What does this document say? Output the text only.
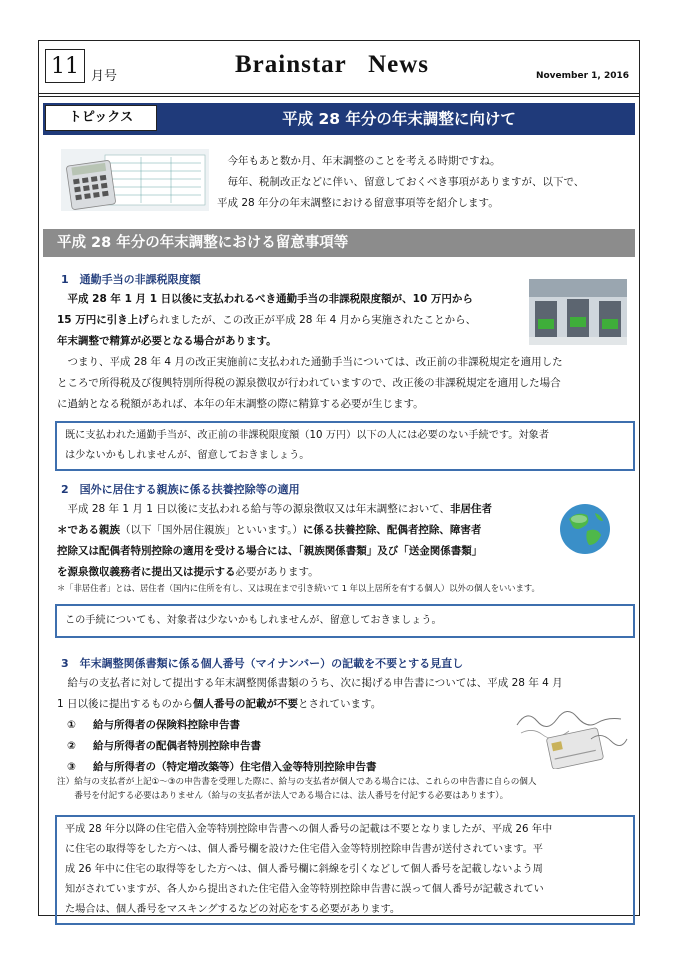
11 月号	Brainstar   News	November 1, 2016
トピックス	平成 28 年分の年末調整に向けて

今年もあと数か月、年末調整のことを考える時期ですね。

毎年、税制改正などに伴い、留意しておくべき事項がありますが、以下で、

平成 28 年分の年末調整における留意事項等を紹介します。

平成 28 年分の年末調整における留意事項等
1　通勤手当の非課税限度額

平成 28 年 1 月 1 日以後に支払われるべき通勤手当の非課税限度額が、10 万円から

15 万円に引き上げられましたが、この改正が平成 28 年 4 月から実施されたことから、

年末調整で精算が必要となる場合があります。

つまり、平成 28 年 4 月の改正実施前に支払われた通勤手当については、改正前の非課税規定を適用した

ところで所得税及び復興特別所得税の源泉徴収が行われていますので、改正後の非課税規定を適用した場合

に過納となる税額があれば、本年の年末調整の際に精算する必要が生じます。

既に支払われた通勤手当が、改正前の非課税限度額（10 万円）以下の人には必要のない手続です。対象者
は少ないかもしれませんが、留意しておきましょう。
2　国外に居住する親族に係る扶養控除等の適用

平成 28 年 1 月 1 日以後に支払われる給与等の源泉徴収又は年末調整において、非居住者

＊である親族（以下「国外居住親族」といいます。）に係る扶養控除、配偶者控除、障害者

控除又は配偶者特別控除の適用を受ける場合には、「親族関係書類」及び「送金関係書類」

を源泉徴収義務者に提出又は提示する必要があります。

＊「非居住者」とは、居住者（国内に住所を有し、又は現在まで引き続いて 1 年以上居所を有する個人）以外の個人をいいます。
この手続についても、対象者は少ないかもしれませんが、留意しておきましょう。
3　年末調整関係書類に係る個人番号（マイナンバー）の記載を不要とする見直し

給与の支払者に対して提出する年末調整関係書類のうち、次に掲げる申告書については、平成 28 年 4 月

1 日以後に提出するものから個人番号の記載が不要とされています。

①	給与所得者の保険料控除申告書
②	給与所得者の配偶者特別控除申告書
③	給与所得者の（特定増改築等）住宅借入金等特別控除申告書
注）給与の支払者が上記①～③の申告書を受理した際に、給与の支払者が個人である場合には、これらの申告書に自らの個人
番号を付記する必要はありません（給与の支払者が法人である場合には、法人番号を付記する必要はあります）。
平成 28 年分以降の住宅借入金等特別控除申告書への個人番号の記載は不要となりましたが、平成 26 年中
に住宅の取得等をした方へは、個人番号欄を設けた住宅借入金等特別控除申告書が送付されています。平
成 26 年中に住宅の取得等をした方へは、個人番号欄に斜線を引くなどして個人番号を記載しないよう周
知がされていますが、各人から提出された住宅借入金等特別控除申告書に誤って個人番号が記載されてい
た場合は、個人番号をマスキングするなどの対応をする必要があります。
